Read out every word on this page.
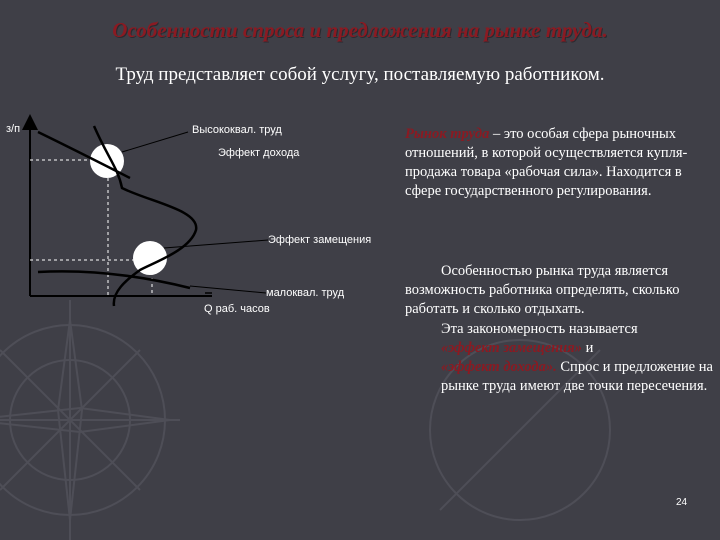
Особенности спроса и предложения на рынке труда.
Труд представляет собой услугу, поставляемую работником.
з/п	Высококвал. труд
Эффект дохода
Эффект замещения
малоквал. труд
Q раб. часов
Рынок труда – это особая сфера рыночных отношений, в которой осуществляется купля-продажа товара «рабочая сила». Находится в сфере государственного регулирования.
Особенностью рынка труда является возможность работника определять, сколько работать и сколько отдыхать.
Эта закономерность называется
«эффект замещения» и
«эффект дохода». Спрос и предложение на рынке труда имеют две точки пересечения.
24
